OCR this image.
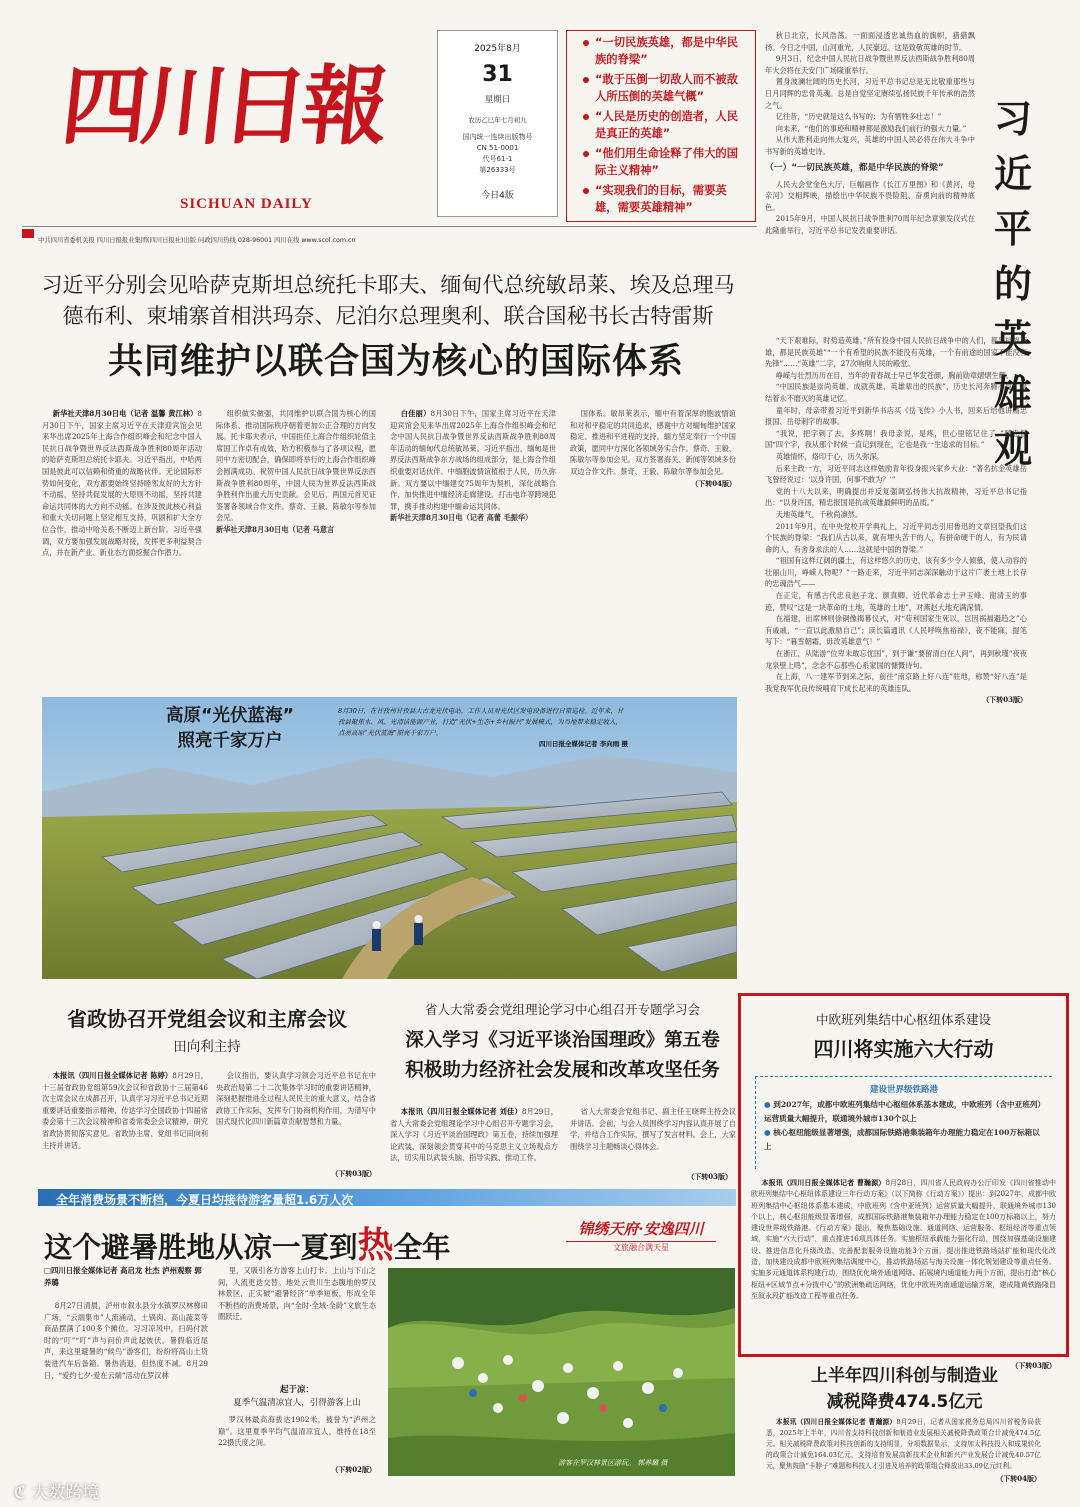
四川日報
SICHUAN DAILY
2025年8月
31
星期日
农历乙巳年七月初九
国内统一连续出版物号
CN 51-0001
代号61-1
第26333号
今日4版
“一切民族英雄，都是中华民族的脊梁”
“敢于压倒一切敌人而不被敌人所压倒的英雄气概”
“人民是历史的创造者，人民是真正的英雄”
“他们用生命诠释了伟大的国际主义精神”
“实现我们的目标，需要英雄，需要英雄精神”
中共四川省委机关报 四川日报报业集团(四川日报社)出版 问政四川热线 028-96001 四川在线 www.scol.com.cn
习近平的英雄观

秋日北京，长风浩荡。一面面浸透忠诚热血的旗帜，猎猎飘扬。今日之中国，山河重光，人民豪迈。这是致敬英雄的时节。

9月3日，纪念中国人民抗日战争暨世界反法西斯战争胜利80周年大会将在天安门广场隆重举行。

置身波澜壮阔的历史长河，习近平总书记总是无比敬重那些与日月同辉的忠骨英魂。总是自觉坚定赓续弘扬民族千年传承的浩然之气。

亿往昔，“历史就是这么书写的：为有牺牲多壮志！”

向未来，“他们的事迹和精神都是激励我们前行的强大力量。”

从伟大胜利走向伟大复兴，英雄的中国人民必将在伟大斗争中书写新的英雄史诗。

（一）“一切民族英雄，都是中华民族的脊梁”

人民大会堂金色大厅，巨幅画作《长江万里图》和《黄河，母亲河》交相辉映，描绘出中华民族不畏险阻、奋勇向前的精神底色。

2015年9月，中国人民抗日战争胜利70周年纪念章颁发仪式在此隆重举行，习近平总书记发表重要讲话。

“天下艰难际，时势造英雄。”所有投身中国人民抗日战争中的人们，都是抗战英雄，都是民族英雄”“一个有希望的民族不能没有英雄，一个有前途的国家不能没有先锋”……“英雄”二字，27次响彻人民的殿堂。

峥嵘与壮烈历历在目，当年的青春战士早已华发苍颜，胸前勋章熠熠生辉。

“中国民族是崇尚英雄、成就英雄、英雄辈出的民族”，历史长河奔腾不息，凝结着永不磨灭的英雄记忆。

童年时，母亲带着习近平到新华书店买《岳飞传》小人书，回来后给他讲精忠报国、岳母刺字的故事。

“我说，把字刺了去，多疼啊！我母亲说，是疼，但心里铭记住了。”精忠报国“四个字，我从那个时候一直记到现在，它也是我一生追求的目标。”

英雄情怀，烙印于心，历久弥深。

后来主政一方，习近平同志这样勉励青年投身振兴家乡大业：“著名抗金英雄岳飞曾经说过：‘以身许国，何事不敢为？’”

党的十八大以来，明确提出并反复强调弘扬伟大抗战精神，习近平总书记指出：“以身许国，精忠报国是抗战英雄最鲜明的品质。”

天地英雄气，千秋尚凛然。

2011年9月，在中央党校开学典礼上，习近平同志引用鲁迅的文章回望我们这个民族的脊梁：“我们从古以来，就有埋头苦干的人，有拼命硬干的人，有为民请命的人，有舍身求法的人……这就是中国的脊梁。”

“祖国有这样辽阔的疆土，有这样悠久的历史，该有多少令人倾慕，使人动容的壮丽山川，峥嵘人物呢？”一路走来，习近平同志深深触动于这片广袤土地上长存的忠魂浩气——

在正定，有感古代忠良赵子龙、颜真卿、近代革命志士尹玉峰、谢清玉的事迹，赞叹“这是一块革命的土地，英雄的土地”，对燕赵大地充满深情。

在福建，出席林则徐铜像揭幕仪式，对“苟利国家生死以，岂因祸福避趋之”心有戚戚，“一直以此激励自己”；读长篇通讯《人民呼唤焦裕禄》，夜不能寐，提笔写下：“暮雪朝霜，毋改英雄意气！”

在浙江，从陆游“位卑未敢忘忧国”，到于谦“要留清白在人间”，再到秋瑾“夜夜龙泉壁上鸣”，念念不忘那些心系家国的慷慨诗句。

在上海，八一建军节到来之际，前往“南京路上好八连”驻地，称赞“好八连”是我党我军优良传统哺育下成长起来的英雄连队。

（下转03版）
习近平分别会见哈萨克斯坦总统托卡耶夫、缅甸代总统敏昂莱、埃及总理马德布利、柬埔寨首相洪玛奈、尼泊尔总理奥利、联合国秘书长古特雷斯
共同维护以联合国为核心的国际体系

新华社天津8月30日电（记者 温馨 黄江林）8月30日下午，国家主席习近平在天津迎宾馆会见来华出席2025年上海合作组织峰会和纪念中国人民抗日战争暨世界反法西斯战争胜利80周年活动的哈萨克斯坦总统托卡耶夫。习近平指出，中哈两国是彼此可以信赖和倚重的战略伙伴。无论国际形势如何变化，双方都要始终坚持睦邻友好的大方针不动摇，坚持共促发展的大原则不动摇，坚持共建命运共同体的大方向不动摇。在涉及彼此核心利益和重大关切问题上坚定相互支持，巩固和扩大全方位合作，推动中哈关系不断迈上新台阶。习近平强调，双方要加强发展战略对接，发挥更多利益契合点，并在新产业、新业态方面挖掘合作潜力。

组织做实做强，共同维护以联合国为核心的国际体系，推动国际秩序朝着更加公正合理的方向发展。托卡耶夫表示，中国担任上海合作组织轮值主席国工作卓有成效，哈方积极参与了各项议程，愿同中方密切配合，确保即将举行的上海合作组织峰会圆满成功。祝贺中国人民抗日战争暨世界反法西斯战争胜利80周年，中国人民为世界反法西斯战争胜利作出重大历史贡献。会见后，两国元首见证签署各领域合作文件。蔡奇、王毅、陈敏尔等参加会见。

新华社天津8月30日电（记者 马意言

白佳丽）8月30日下午，国家主席习近平在天津迎宾馆会见来华出席2025年上海合作组织峰会和纪念中国人民抗日战争暨世界反法西斯战争胜利80周年活动的缅甸代总统敏昂莱。习近平指出，缅甸是世界反法西斯战争东方战场的组成部分，是上海合作组织重要对话伙伴。中缅胞波情谊植根于人民，历久弥新。双方要以中缅建交75周年为契机，深化战略合作，加快推进中缅经济走廊建设，打击电诈等跨境犯罪，携手推动构建中缅命运共同体。

新华社天津8月30日电（记者 高蕾 毛振华）

国体系。敏昂莱表示，缅中有着深厚的胞波情谊和对和平稳定的共同追求，感谢中方对缅甸维护国家稳定、推进和平进程的支持。缅方坚定奉行一个中国政策，愿同中方深化各领域务实合作。蔡奇、王毅、陈敏尔等参加会见。双方签署海关、新闻等领域多份双边合作文件。蔡奇、王毅、陈敏尔等参加会见。

（下转04版）
高原“光伏蓝海”
照亮千家万户
8月30日，在甘孜州甘孜县大古龙光伏电站，工作人员对光伏区发电设备进行日常巡检。近年来，甘孜县聚焦水、风、光清洁能源产业，打造“光伏+生态+乡村振兴”发展模式，为当地带来稳定收入，点亮高原“光伏蓝海”照亮千家万户。

四川日报全媒体记者 李向雨 摄
省政协召开党组会议和主席会议
田向利主持

本报讯（四川日报全媒体记者 陈婷）8月29日，十三届省政协党组第59次会议和省政协十三届第46次主席会议在成都召开，认真学习习近平总书记近期重要讲话重要指示精神，传达学习全国政协十四届常委会第十三次会议精神和省委常委会会议精神，研究省政协贯彻落实意见。省政协主席、党组书记田向利主持并讲话。

会议指出，要认真学习领会习近平总书记在中央政治局第二十二次集体学习时的重要讲话精神，深刻把握推进全过程人民民主的重大意义，结合省政协工作实际，发挥专门协商机构作用，为谱写中国式现代化四川新篇章贡献智慧和力量。

（下转03版）
省人大常委会党组理论学习中心组召开专题学习会
深入学习《习近平谈治国理政》第五卷
积极助力经济社会发展和改革攻坚任务

本报讯（四川日报全媒体记者 刘佳）8月29日，省人大常委会党组理论学习中心组召开专题学习会，深入学习《习近平谈治国理政》第五卷，持续加强理论武装，深刻领会贯穿其中的马克思主义立场观点方法，切实用以武装头脑、指导实践、推动工作。

省人大常委会党组书记、副主任王晓晖主持会议并讲话。会前，与会人员围绕学习内容认真开展了自学，并结合工作实际，撰写了发言材料。会上，大家围绕学习主题畅谈心得体会。

（下转03版）
中欧班列集结中心枢纽体系建设
四川将实施六大行动
建设世界级铁路港
● 到2027年，成都中欧班列集结中心枢纽体系基本建成，中欧班列（含中亚班列）运营质量大幅提升，联通境外城市130个以上
● 核心枢纽能级显著增强，成都国际铁路港集装箱年办理能力稳定在100万标箱以上

本报讯（四川日报全媒体记者 曹瀚源）8月28日，四川省人民政府办公厅印发《四川省推动中欧班列集结中心枢纽体系建设三年行动方案》（以下简称《行动方案》）提出：到2027年，成都中欧班列集结中心枢纽体系基本建成，中欧班列（含中亚班列）运营质量大幅提升，联通境外城市130个以上，核心枢纽能级显著增强，成都国际铁路港集装箱年办理能力稳定在100万标箱以上，努力建设世界级铁路港。《行动方案》提出，聚焦基础设施、通道网络、运营服务、枢纽经济等重点领域，实施“六大行动”，重点推进16项具体任务。实施枢纽承载能力强化行动，围绕加强基础设施建设、推进信息化升级改造、完善配套服务设施功能3个方面，提出推进铁路场站扩能和现代化改造，加快建设成都中欧班列集结调度中心，推动铁路场站与海关设施一体化规划建设等重点任务。实施多元通道体系构建行动，围绕优化境外通道网络、拓展境内通道能力两个方面，提出打造“核心枢纽+区域节点+分拨中心”的欧洲集疏运网络，优化中欧班列南通道运输方案，建成隆黄铁路隆昌至叙永段扩能改造工程等重点任务。

（下转03版）
上半年四川科创与制造业
减税降费474.5亿元

本报讯（四川日报全媒体记者 曹瀚源）8月29日，记者从国家税务总局四川省税务局获悉，2025年上半年，四川省支持科技创新和制造业发展相关减税降费政策合计减免474.5亿元。相关减税降费政策对科技创新的支持明显，分项数据显示，支持加大科技投入和成果转化的政策合计减免164.03亿元，支持培育发展高新技术企业和新兴产业发展合计减免40.57亿元，聚焦鼓励“卡脖子”难题和科技人才引进及培养的政策组合释放出33.09亿元红利。

（下转04版）
全年消费场景不断档，今夏日均接待游客量超1.6万人次
这个避暑胜地从凉一夏到热全年
锦绣天府·安逸四川
文旅融合满天星
□四川日报全媒体记者 高启龙 杜杰 泸州观察 郭养璐

8月27日清晨，泸州市叙永县分水镇罗汉林梯田广场，“云端集市”人流涌动，土锅肉、高山蔬菜等商品摆满了100多个摊位。习习凉风中，扫码付款时的“叮”“叮”声与问价声此起彼伏。暑假临近尾声，来这里避暑的“候鸟”游客们，纷纷将高山土货装进汽车后备箱。暑热消退，但热度不减。8月29日，“爱约七夕·爱在云端”活动在罗汉林

里，又吸引各方游客上山打卡。上山与下山之间，人流更迭交替。地处云贵川生态腹地的罗汉林景区，正实破“避暑经济”单季短板，形成全年不断档的消费场景，向“全时·全域·全龄”文旅生态圈跃迁。

起于凉：
夏季气温清凉宜人，引得游客上山

罗汉林最高海拔达1902米，被誉为“泸州之巅”。这里夏季平均气温清凉宜人，维持在18至22摄氏度之间。

（下转02版）
游客在罗汉林景区游玩。 郭养璐 摄
ℭ 大数跨境
